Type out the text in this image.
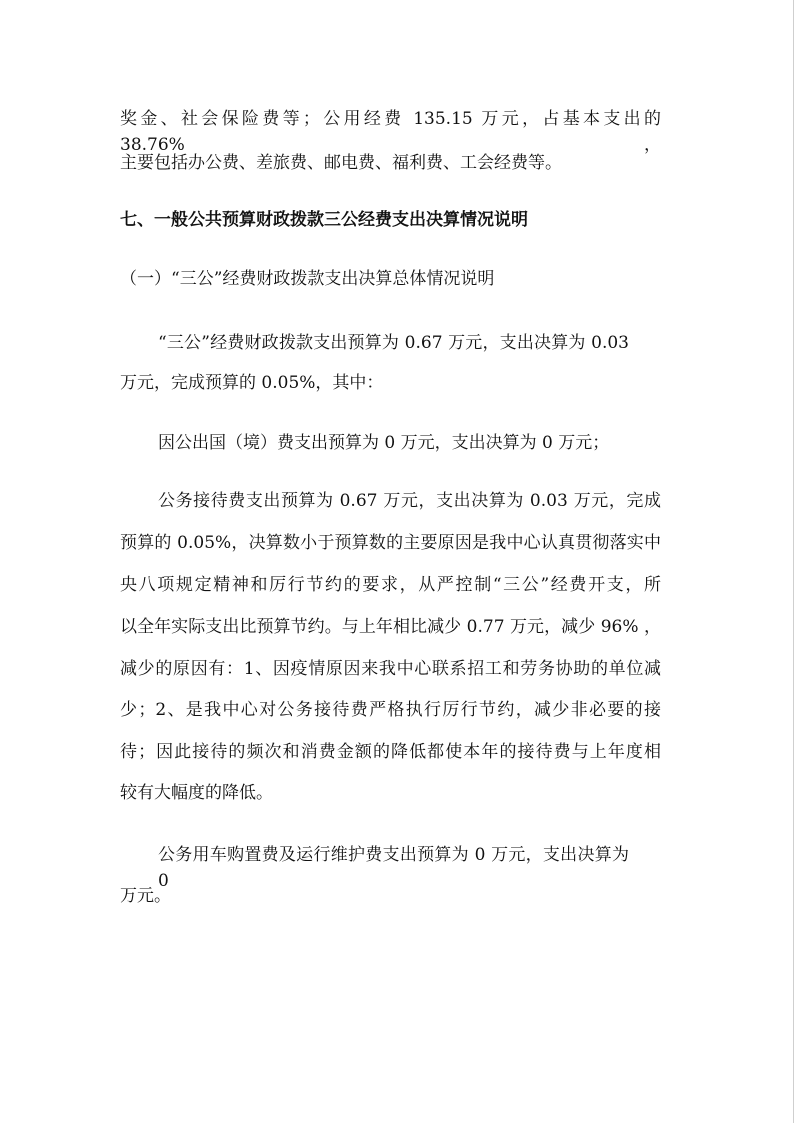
奖金、社会保险费等；公用经费 135.15 万元，占基本支出的 38.76%，

主要包括办公费、差旅费、邮电费、福利费、工会经费等。

七、一般公共预算财政拨款三公经费支出决算情况说明

（一）“三公”经费财政拨款支出决算总体情况说明

“三公”经费财政拨款支出预算为 0.67 万元，支出决算为 0.03

万元，完成预算的 0.05%，其中：

因公出国（境）费支出预算为 0 万元，支出决算为 0 万元；

公务接待费支出预算为 0.67 万元，支出决算为 0.03 万元，完成

预算的 0.05%，决算数小于预算数的主要原因是我中心认真贯彻落实中

央八项规定精神和厉行节约的要求，从严控制“三公”经费开支，所

以全年实际支出比预算节约。与上年相比减少 0.77 万元，减少 96% ，

减少的原因有：1、因疫情原因来我中心联系招工和劳务协助的单位减

少；2、是我中心对公务接待费严格执行厉行节约，减少非必要的接

待；因此接待的频次和消费金额的降低都使本年的接待费与上年度相

较有大幅度的降低。

公务用车购置费及运行维护费支出预算为 0 万元，支出决算为 0

万元。
